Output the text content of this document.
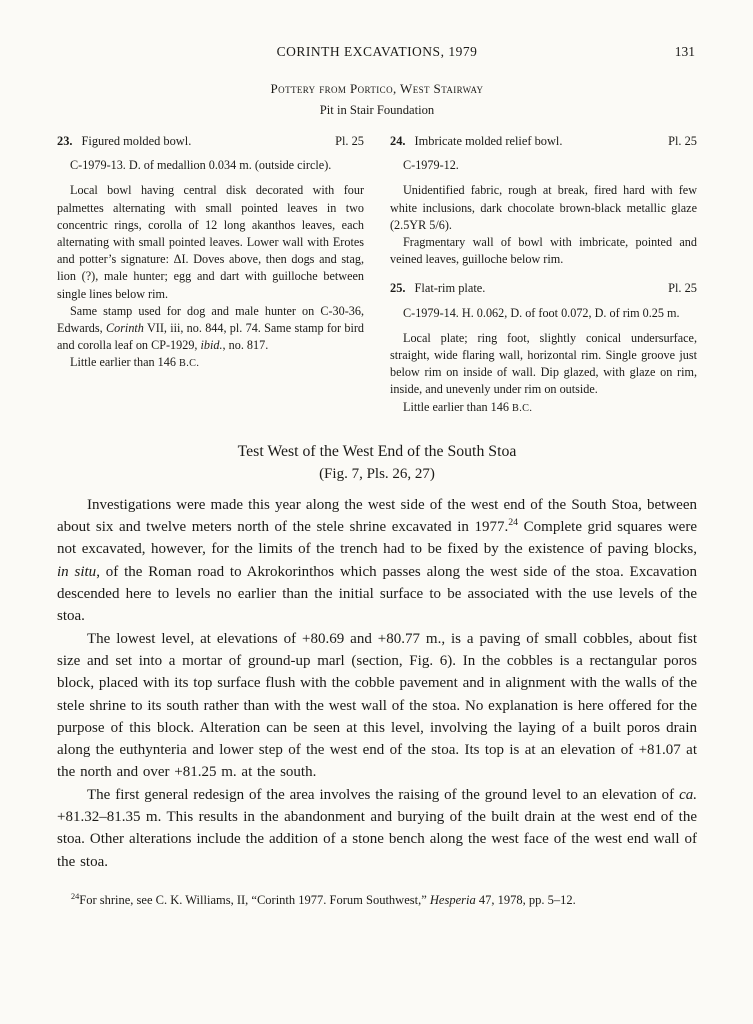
CORINTH EXCAVATIONS, 1979	131
Pottery from Portico, West Stairway
Pit in Stair Foundation
23. Figured molded bowl.	Pl. 25

C-1979-13. D. of medallion 0.034 m. (outside circle).

Local bowl having central disk decorated with four palmettes alternating with small pointed leaves in two concentric rings, corolla of 12 long akanthos leaves, each alternating with small pointed leaves. Lower wall with Erotes and potter’s signature: ΔΙ. Doves above, then dogs and stag, lion (?), male hunter; egg and dart with guilloche between single lines below rim.

Same stamp used for dog and male hunter on C-30-36, Edwards, Corinth VII, iii, no. 844, pl. 74. Same stamp for bird and corolla leaf on CP-1929, ibid., no. 817.

Little earlier than 146 B.C.

24. Imbricate molded relief bowl.	Pl. 25

C-1979-12.

Unidentified fabric, rough at break, fired hard with few white inclusions, dark chocolate brown-black metallic glaze (2.5YR 5/6).

Fragmentary wall of bowl with imbricate, pointed and veined leaves, guilloche below rim.

25. Flat-rim plate.	Pl. 25

C-1979-14. H. 0.062, D. of foot 0.072, D. of rim 0.25 m.

Local plate; ring foot, slightly conical undersurface, straight, wide flaring wall, horizontal rim. Single groove just below rim on inside of wall. Dip glazed, with glaze on rim, inside, and unevenly under rim on outside.

Little earlier than 146 B.C.

Test West of the West End of the South Stoa
(Fig. 7, Pls. 26, 27)

Investigations were made this year along the west side of the west end of the South Stoa, between about six and twelve meters north of the stele shrine excavated in 1977.24 Complete grid squares were not excavated, however, for the limits of the trench had to be fixed by the existence of paving blocks, in situ, of the Roman road to Akrokorinthos which passes along the west side of the stoa. Excavation descended here to levels no earlier than the initial surface to be associated with the use levels of the stoa.

The lowest level, at elevations of +80.69 and +80.77 m., is a paving of small cobbles, about fist size and set into a mortar of ground-up marl (section, Fig. 6). In the cobbles is a rectangular poros block, placed with its top surface flush with the cobble pavement and in alignment with the walls of the stele shrine to its south rather than with the west wall of the stoa. No explanation is here offered for the purpose of this block. Alteration can be seen at this level, involving the laying of a built poros drain along the euthynteria and lower step of the west end of the stoa. Its top is at an elevation of +81.07 at the north and over +81.25 m. at the south.

The first general redesign of the area involves the raising of the ground level to an elevation of ca. +81.32–81.35 m. This results in the abandonment and burying of the built drain at the west end of the stoa. Other alterations include the addition of a stone bench along the west face of the west end wall of the stoa.

$^{24}$For shrine, see C. K. Williams, II, “Corinth 1977. Forum Southwest,” Hesperia 47, 1978, pp. 5–12.
